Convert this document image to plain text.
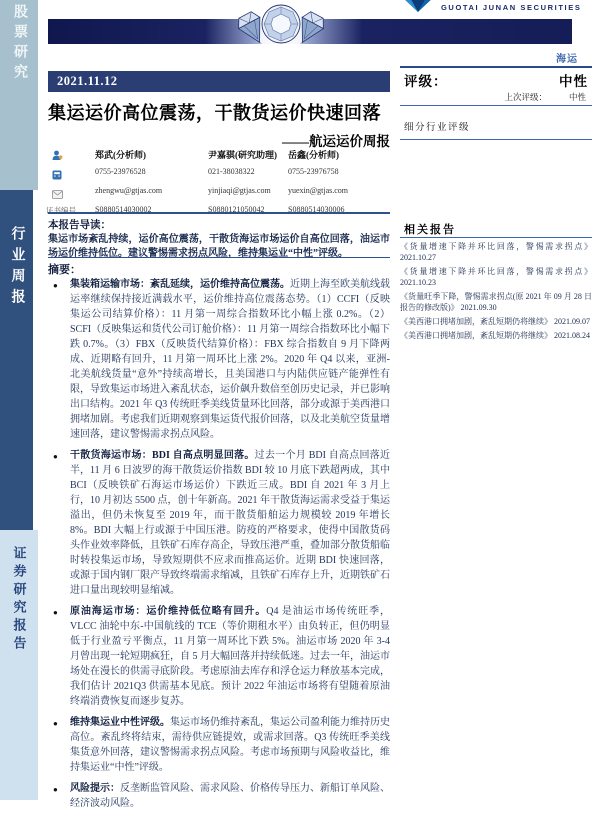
股票研究
行业周报
证券研究报告
GUOTAI JUNAN SECURITIES
海运
2021.11.12
集运运价高位震荡，干散货运价快速回落
——航运运价周报
郑武(分析师)	尹嘉骐(研究助理)	岳鑫(分析师)
0755-23976528	021-38038322	0755-23976758
zhengwu@gtjas.com	yinjiaqi@gtjas.com	yuexin@gtjas.com
证书编号	S0880514030002	S0880121050042	S0880514030006
本报告导读：
集运市场紊乱持续，运价高位震荡，干散货海运市场运价自高位回落，油运市场运价维持低位。建议警惕需求拐点风险，维持集运业“中性”评级。
摘要：

● 集装箱运输市场：紊乱延续，运价维持高位震荡。近期上海至欧美航线载运率继续保持接近满载水平，运价维持高位震荡态势。（1）CCFI（反映集运公司结算价格）：11 月第一周综合指数环比小幅上涨 0.2%。（2）SCFI（反映集运和货代公司订舱价格）：11 月第一周综合指数环比小幅下跌 0.7%。（3）FBX（反映货代结算价格）：FBX 综合指数自 9 月下降两成、近期略有回升，11 月第一周环比上涨 2%。2020 年 Q4 以来，亚洲-北美航线货量“意外”持续高增长，且美国港口与内陆供应链产能弹性有限，导致集运市场进入紊乱状态，运价飙升数倍至创历史记录，并已影响出口结构。2021 年 Q3 传统旺季美线货量环比回落，部分或源于美西港口拥堵加剧。考虑我们近期观察到集运货代报价回落，以及北美航空货量增速回落，建议警惕需求拐点风险。

● 干散货海运市场：BDI 自高点明显回落。过去一个月 BDI 自高点回落近半，11 月 6 日波罗的海干散货运价指数 BDI 较 10 月底下跌超两成，其中 BCI（反映铁矿石海运市场运价）下跌近三成。BDI 自 2021 年 3 月上行，10 月初达 5500 点，创十年新高。2021 年干散货海运需求受益于集运溢出，但仍未恢复至 2019 年，而干散货船舶运力规模较 2019 年增长 8%。BDI 大幅上行或源于中国压港。防疫的严格要求，使得中国散货码头作业效率降低，且铁矿石库存高企，导致压港严重，叠加部分散货船临时转投集运市场，导致短期供不应求而推高运价。近期 BDI 快速回落，或源于国内钢厂限产导致终端需求缩减，且铁矿石库存上升，近期铁矿石进口量出现较明显缩减。

● 原油海运市场：运价维持低位略有回升。Q4 是油运市场传统旺季，VLCC 油轮中东-中国航线的 TCE（等价期租水平）由负转正，但仍明显低于行业盈亏平衡点，11 月第一周环比下跌 5%。油运市场 2020 年 3-4 月曾出现一轮短期疯狂，自 5 月大幅回落并持续低迷。过去一年，油运市场处在漫长的供需寻底阶段。考虑原油去库存和浮仓运力释放基本完成，我们估计 2021Q3 供需基本见底。预计 2022 年油运市场将有望随着原油终端消费恢复而逐步复苏。

● 维持集运业中性评级。集运市场仍维持紊乱，集运公司盈利能力维持历史高位。紊乱终将结束，需待供应链提效，或需求回落。Q3 传统旺季美线集货意外回落，建议警惕需求拐点风险。考虑市场预期与风险收益比，维持集运业“中性”评级。

● 风险提示：反垄断监管风险、需求风险、价格传导压力、新船订单风险、经济波动风险。

评级：	中性
上次评级：	中性
细分行业评级
相关报告

《货量增速下降并环比回落，警惕需求拐点》 2021.10.27

《货量增速下降并环比回落，警惕需求拐点》 2021.10.23

《货量旺季下降，警惕需求拐点(原 2021 年 09 月 28 日报告的修改版)》 2021.09.30

《美西港口拥堵加剧，紊乱短期仍将继续》 2021.09.07

《美西港口拥堵加剧，紊乱短期仍将继续》 2021.08.24
